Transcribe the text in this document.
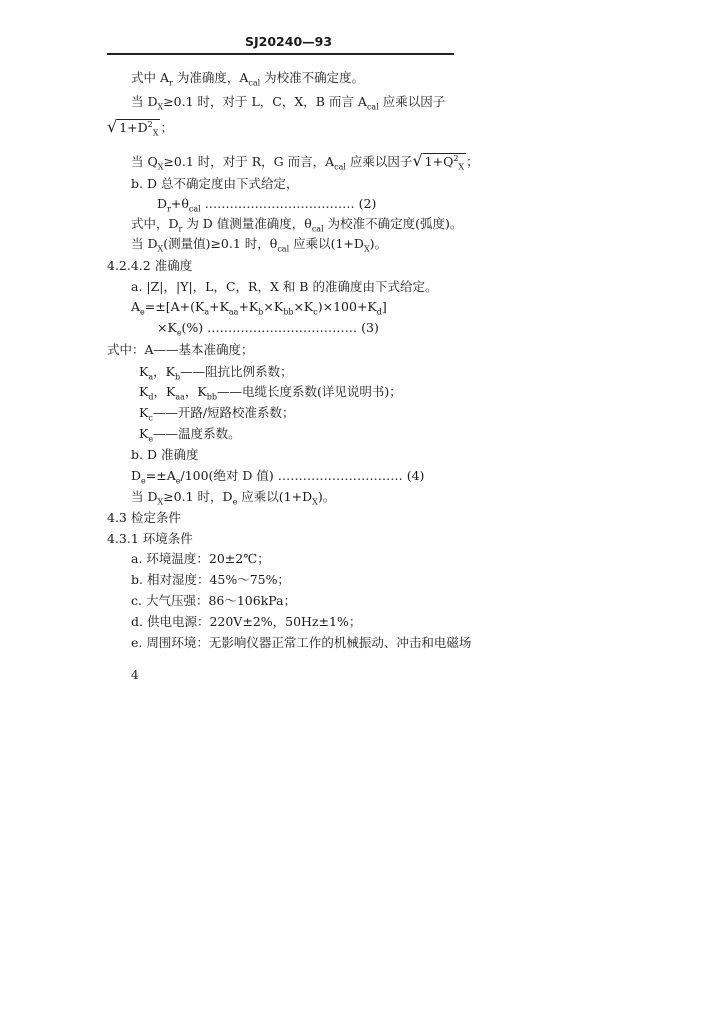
SJ20240—93
式中 $A_r$ 为准确度，$A_{cal}$ 为校准不确定度。
当 $D_X\ge 0.1$ 时，对于 L，C，X，B 而言 $A_{cal}$ 应乘以因子
√ $1+D^2_X$ ；
当 $Q_X\ge 0.1$ 时，对于 R，G 而言，$A_{cal}$ 应乘以因子√ $1+Q^2_X$ ；
b. D 总不确定度由下式给定，
$D_r+\theta_{cal}$ ……………………………… (2)
式中，$D_r$ 为 D 值测量准确度，$\theta_{cal}$ 为校准不确定度(弧度)。
当 $D_X$(测量值)≥0.1 时，$\theta_{cal}$ 应乘以$(1+D_X)$。
4.2.4.2 准确度
a. |Z|，|Y|，L，C，R，X 和 B 的准确度由下式给定。
$A_e=\pm[A+(K_a+K_{aa}+K_b\times K_{bb}\times K_c)\times 100+K_d]$
$\times K_e(\%)$ ……………………………… (3)
式中：A——基本准确度；
$K_a$，$K_b——$阻抗比例系数；
$K_d$，$K_{aa}$，$K_{bb}——$电缆长度系数(详见说明书)；
$K_c——$开路/短路校准系数；
$K_e——$温度系数。
b. D 准确度
$D_e=\pm A_e/100$(绝对 D 值) ………………………… (4)
当 $D_X\ge 0.1$ 时，$D_e$ 应乘以$(1+D_X)$。
4.3 检定条件
4.3.1 环境条件
a. 环境温度：20±2℃；
b. 相对湿度：45%～75%；
c. 大气压强：86～106kPa；
d. 供电电源：220V±2%，50Hz±1%；
e. 周围环境：无影响仪器正常工作的机械振动、冲击和电磁场
4
